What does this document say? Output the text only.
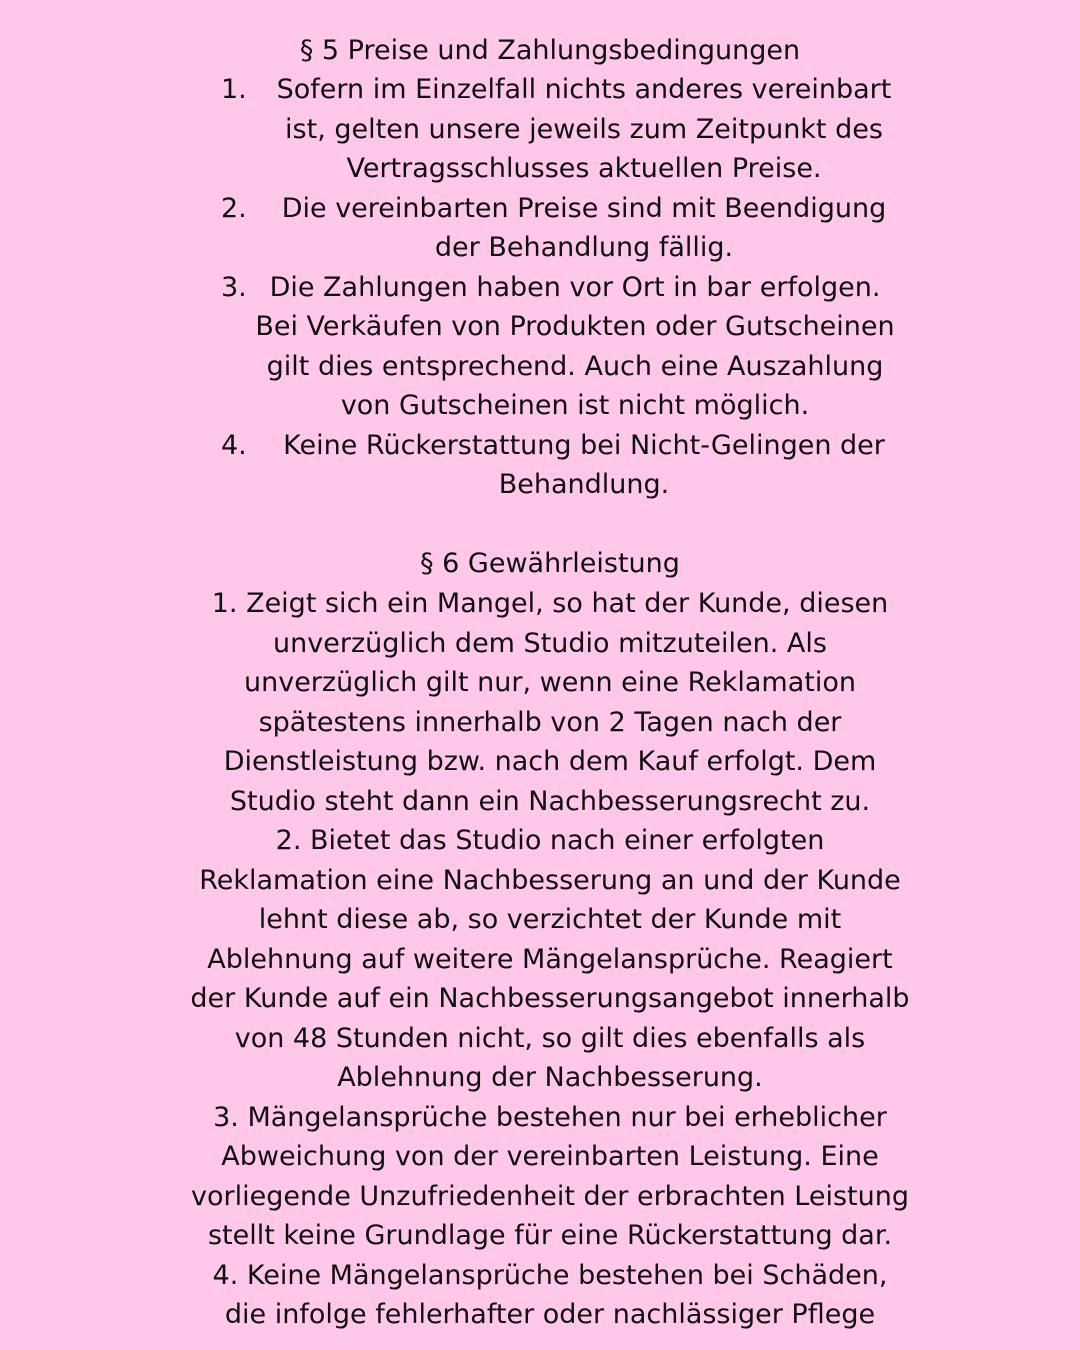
§ 5 Preise und Zahlungsbedingungen
1.	Sofern im Einzelfall nichts anderes vereinbart ist, gelten unsere jeweils zum Zeitpunkt des Vertragsschlusses aktuellen Preise.
2.	Die vereinbarten Preise sind mit Beendigung der Behandlung fällig.
3. Die Zahlungen haben vor Ort in bar erfolgen. Bei Verkäufen von Produkten oder Gutscheinen gilt dies entsprechend. Auch eine Auszahlung von Gutscheinen ist nicht möglich.
4.	Keine Rückerstattung bei Nicht-Gelingen der Behandlung.
§ 6 Gewährleistung
1. Zeigt sich ein Mangel, so hat der Kunde, diesen unverzüglich dem Studio mitzuteilen. Als unverzüglich gilt nur, wenn eine Reklamation spätestens innerhalb von 2 Tagen nach der Dienstleistung bzw. nach dem Kauf erfolgt. Dem Studio steht dann ein Nachbesserungsrecht zu.
2. Bietet das Studio nach einer erfolgten Reklamation eine Nachbesserung an und der Kunde lehnt diese ab, so verzichtet der Kunde mit Ablehnung auf weitere Mängelansprüche. Reagiert der Kunde auf ein Nachbesserungsangebot innerhalb von 48 Stunden nicht, so gilt dies ebenfalls als Ablehnung der Nachbesserung.
3. Mängelansprüche bestehen nur bei erheblicher Abweichung von der vereinbarten Leistung. Eine vorliegende Unzufriedenheit der erbrachten Leistung stellt keine Grundlage für eine Rückerstattung dar.
4. Keine Mängelansprüche bestehen bei Schäden, die infolge fehlerhafter oder nachlässiger Pflege
